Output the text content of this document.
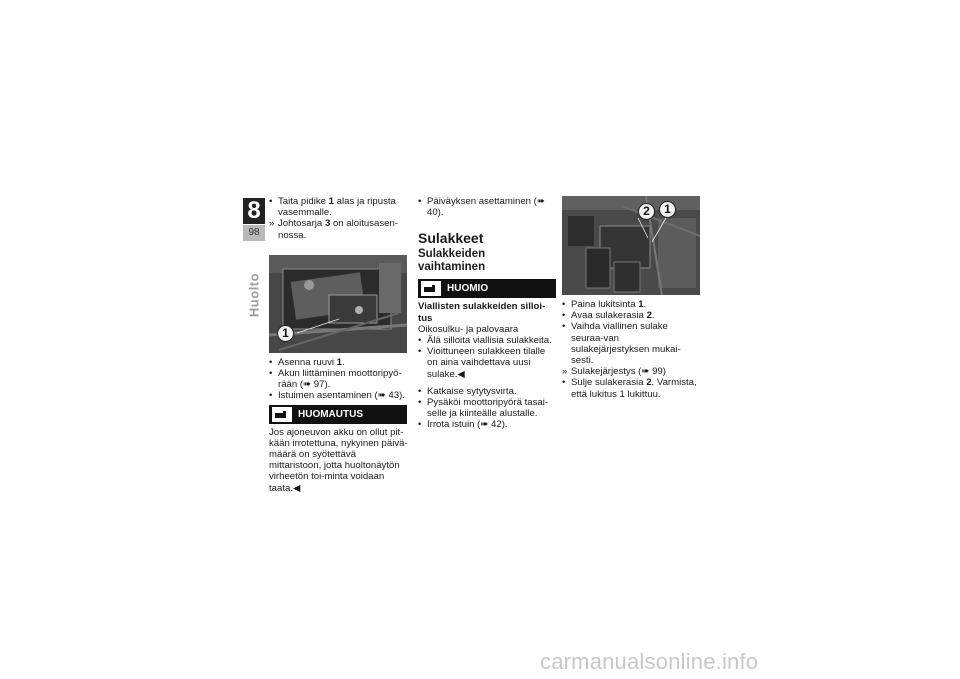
8
98
Huolto
• Taita pidike 1 alas ja ripusta vasemmalle.
» Johtosarja 3 on aloitusasen-nossa.
1
• Asenna ruuvi 1.
• Akun liittäminen moottoripyö-rään (➠ 97).
• Istuimen asentaminen (➠ 43).
HUOMAUTUS
Jos ajoneuvon akku on ollut pit-kään irrotettuna, nykyinen päivä-määrä on syötettävä mittaristoon, jotta huoltonäytön virheetön toi-minta voidaan taata.◀
• Päiväyksen asettaminen (➠ 40).
Sulakkeet
Sulakkeiden vaihtaminen
HUOMIO
Viallisten sulakkeiden silloi-tus
Oikosulku- ja palovaara
• Älä silloita viallisia sulakkeita.
• Vioittuneen sulakkeen tilalle on aina vaihdettava uusi sulake.◀
• Katkaise sytytysvirta.
• Pysäköi moottoripyörä tasai-selle ja kiinteälle alustalle.
• Irrota istuin (➠ 42).
2	1
• Paina lukitsinta 1.
• Avaa sulakerasia 2.
• Vaihda viallinen sulake seuraa-van sulakejärjestyksen mukai-sesti.
» Sulakejärjestys (➠ 99)
• Sulje sulakerasia 2. Varmista, että lukitus 1 lukittuu.
carmanualsonline.info
